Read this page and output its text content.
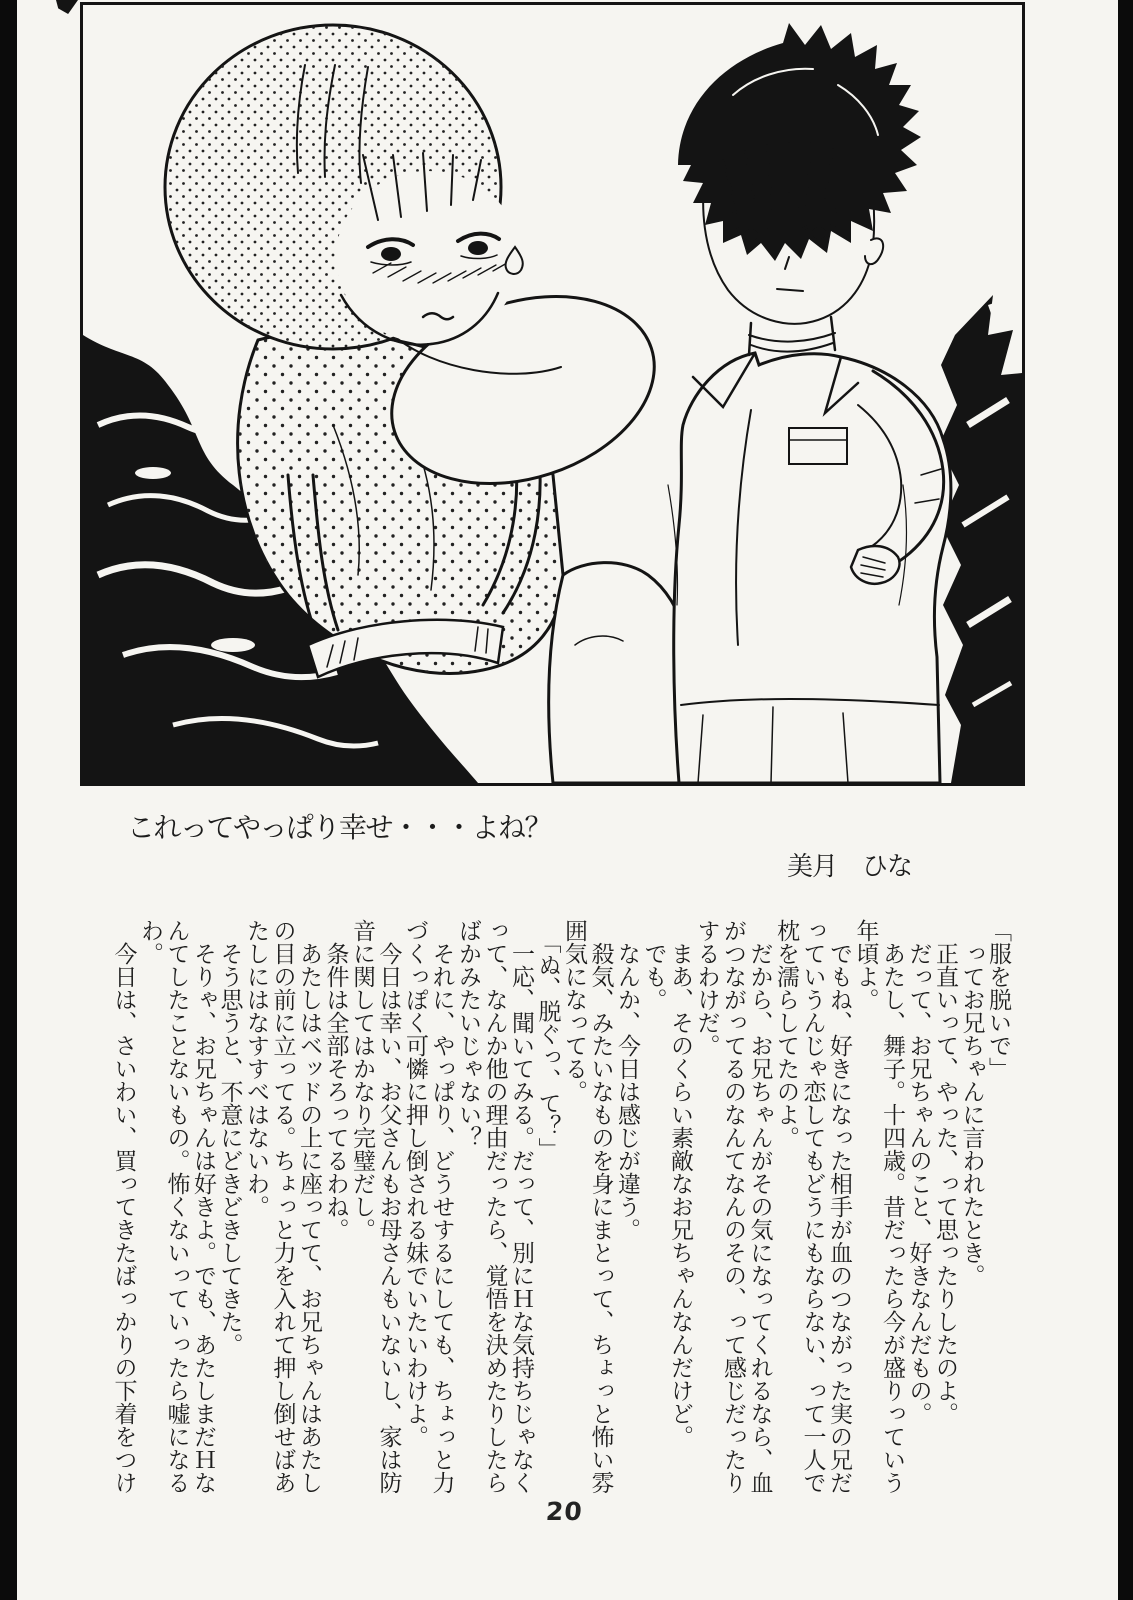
これってやっぱり幸せ・・・よね？
美月　ひな
「服を脱いで」
　ってお兄ちゃんに言われたとき。
　正直いって、やった、って思ったりしたのよ。
　だって、お兄ちゃんのこと、好きなんだもの。
　あたし、舞子。十四歳。昔だったら今が盛りっていう
年頃よ。
　でもね、好きになった相手が血のつながった実の兄だ
っていうんじゃ恋してもどうにもならない、って一人で
枕を濡らしてたのよ。
　だから、お兄ちゃんがその気になってくれるなら、血
がつながってるのなんてなんのその、って感じだったり
するわけだ。
　まあ、そのくらい素敵なお兄ちゃんなんだけど。
　でも。
　なんか、今日は感じが違う。
　殺気、みたいなものを身にまとって、ちょっと怖い雰
囲気になってる。
　「ぬ、脱ぐっ、て？」
　一応、聞いてみる。だって、別にＨな気持ちじゃなく
って、なんか他の理由だったら、覚悟を決めたりしたら
ばかみたいじゃない？
　それに、やっぱり、どうせするにしても、ちょっと力
づくっぽく可憐に押し倒される妹でいたいわけよ。
　今日は幸い、お父さんもお母さんもいないし、家は防
音に関してはかなり完璧だし。
　条件は全部そろってるわね。
　あたしはベッドの上に座ってて、お兄ちゃんはあたし
の目の前に立ってる。ちょっと力を入れて押し倒せばあ
たしにはなすすべはないわ。
　そう思うと、不意にどきどきしてきた。
　そりゃ、お兄ちゃんは好きよ。でも、あたしまだＨな
んてしたことないもの。怖くないっていったら嘘になる
わ。
　今日は、さいわい、買ってきたばっかりの下着をつけ
20
